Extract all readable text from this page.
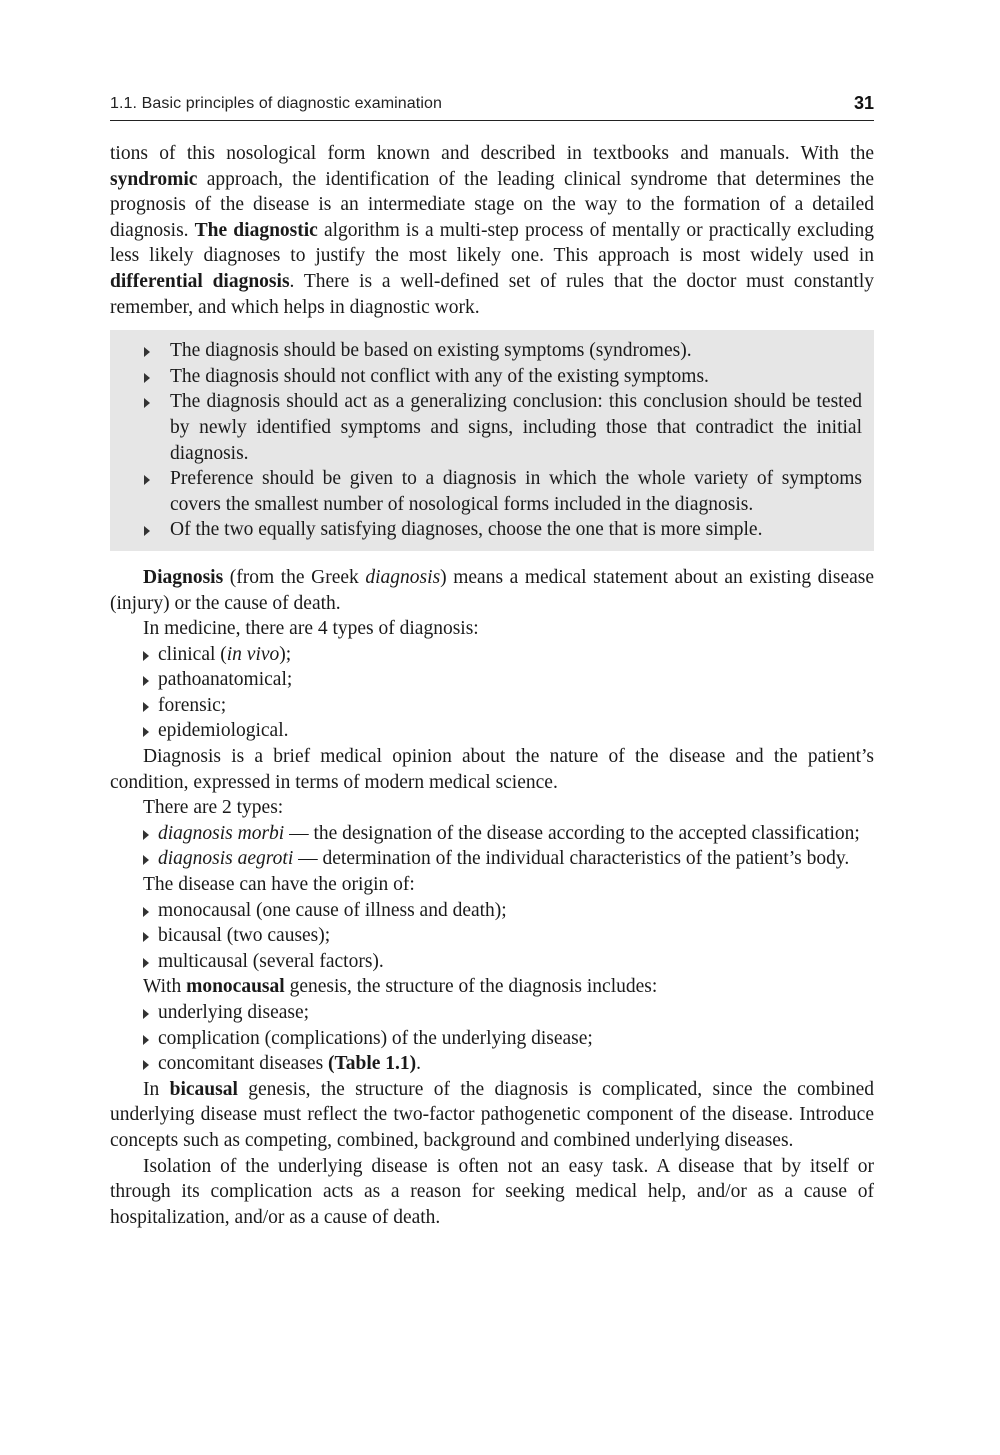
1.1. Basic principles of diagnostic examination	31

tions of this nosological form known and described in textbooks and manuals. With the syndromic approach, the identification of the leading clinical syndrome that determines the prognosis of the disease is an intermediate stage on the way to the formation of a detailed diagnosis. The diagnostic algorithm is a multi-step process of mentally or practically excluding less likely diagnoses to justify the most likely one. This approach is most widely used in differential diagnosis. There is a well-defined set of rules that the doctor must constantly remember, and which helps in diagnostic work.

The diagnosis should be based on existing symptoms (syndromes).
The diagnosis should not conflict with any of the existing symptoms.
The diagnosis should act as a generalizing conclusion: this conclusion should be tested by newly identified symptoms and signs, including those that contradict the initial diagnosis.
Preference should be given to a diagnosis in which the whole variety of symptoms covers the smallest number of nosological forms included in the diagnosis.
Of the two equally satisfying diagnoses, choose the one that is more simple.

Diagnosis (from the Greek diagnosis) means a medical statement about an existing disease (injury) or the cause of death.

In medicine, there are 4 types of diagnosis:

clinical (in vivo);
pathoanatomical;
forensic;
epidemiological.

Diagnosis is a brief medical opinion about the nature of the disease and the patient’s condition, expressed in terms of modern medical science.

There are 2 types:

diagnosis morbi — the designation of the disease according to the accepted classification;
diagnosis aegroti — determination of the individual characteristics of the patient’s body.

The disease can have the origin of:

monocausal (one cause of illness and death);
bicausal (two causes);
multicausal (several factors).

With monocausal genesis, the structure of the diagnosis includes:

underlying disease;
complication (complications) of the underlying disease;
concomitant diseases (Table 1.1).

In bicausal genesis, the structure of the diagnosis is complicated, since the combined underlying disease must reflect the two-factor pathogenetic component of the disease. Introduce concepts such as competing, combined, background and combined underlying diseases.

Isolation of the underlying disease is often not an easy task. A disease that by itself or through its complication acts as a reason for seeking medical help, and/or as a cause of hospitalization, and/or as a cause of death.
